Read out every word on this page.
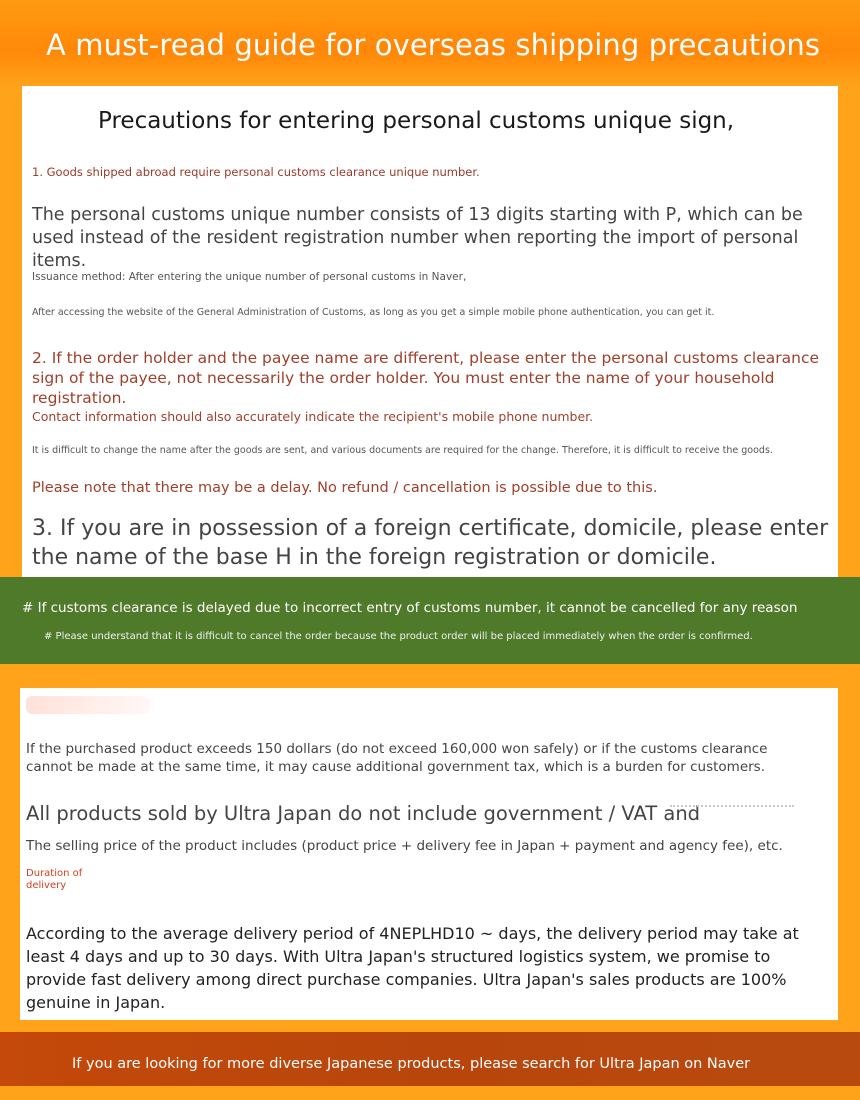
A must-read guide for overseas shipping precautions
Precautions for entering personal customs unique sign,
1. Goods shipped abroad require personal customs clearance unique number.
The personal customs unique number consists of 13 digits starting with P, which can be used instead of the resident registration number when reporting the import of personal items.
Issuance method: After entering the unique number of personal customs in Naver,
After accessing the website of the General Administration of Customs, as long as you get a simple mobile phone authentication, you can get it.
2. If the order holder and the payee name are different, please enter the personal customs clearance sign of the payee, not necessarily the order holder. You must enter the name of your household registration.
Contact information should also accurately indicate the recipient's mobile phone number.
It is difficult to change the name after the goods are sent, and various documents are required for the change. Therefore, it is difficult to receive the goods.
Please note that there may be a delay. No refund / cancellation is possible due to this.
3. If you are in possession of a foreign certificate, domicile, please enter the name of the base H in the foreign registration or domicile.
# If customs clearance is delayed due to incorrect entry of customs number, it cannot be cancelled for any reason
# Please understand that it is difficult to cancel the order because the product order will be placed immediately when the order is confirmed.
If the purchased product exceeds 150 dollars (do not exceed 160,000 won safely) or if the customs clearance cannot be made at the same time, it may cause additional government tax, which is a burden for customers.
All products sold by Ultra Japan do not include government / VAT and
The selling price of the product includes (product price + delivery fee in Japan + payment and agency fee), etc.
Duration of delivery
According to the average delivery period of 4NEPLHD10 ~ days, the delivery period may take at least 4 days and up to 30 days. With Ultra Japan's structured logistics system, we promise to provide fast delivery among direct purchase companies. Ultra Japan's sales products are 100% genuine in Japan.
If you are looking for more diverse Japanese products, please search for Ultra Japan on Naver
